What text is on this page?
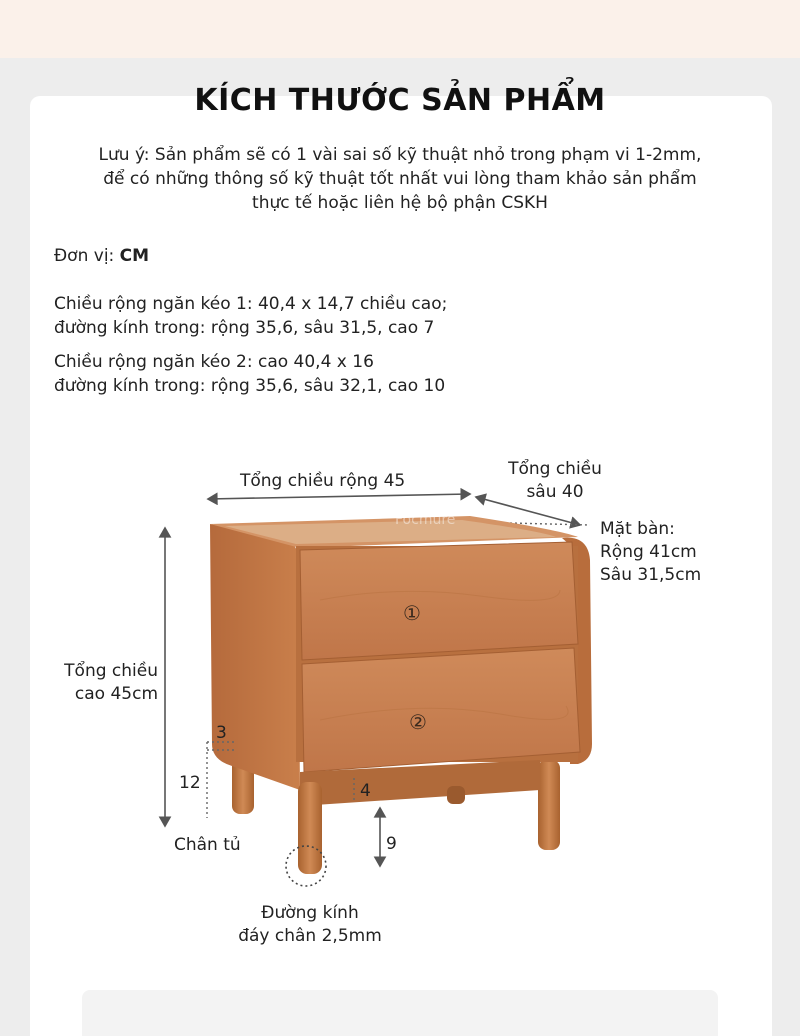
KÍCH THƯỚC SẢN PHẨM
Lưu ý: Sản phẩm sẽ có 1 vài sai số kỹ thuật nhỏ trong phạm vi 1-2mm,
để có những thông số kỹ thuật tốt nhất vui lòng tham khảo sản phẩm
thực tế hoặc liên hệ bộ phận CSKH
Đơn vị: CM
Chiều rộng ngăn kéo 1: 40,4 x 14,7 chiều cao;
đường kính trong: rộng 35,6, sâu 31,5, cao 7
Chiều rộng ngăn kéo 2: cao 40,4 x 16
đường kính trong: rộng 35,6, sâu 32,1, cao 10
Focmure
①
②
Tổng chiều rộng 45
Tổng chiều
sâu 40
Mặt bàn:
Rộng 41cm
Sâu 31,5cm
Tổng chiều
cao 45cm
3
12	4
9
Chân tủ
Đường kính
đáy chân 2,5mm
